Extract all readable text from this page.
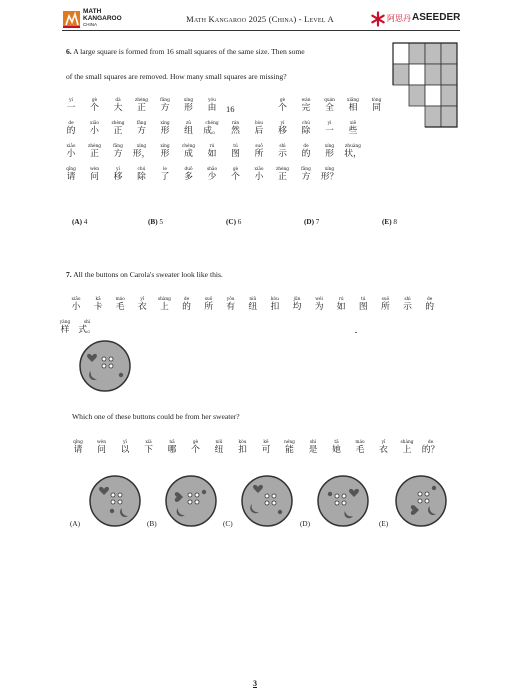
MATH
KANGAROO
CHINA
Math Kangaroo 2025 (China) - Level A	阿思丹 ASEEDER
6. A large square is formed from 16 small squares of the same size. Then some
of the small squares are removed. How many small squares are missing?
yí
一
gè
个
dà
大
zhèng
正
fāng
方
xíng
形
yóu
由
gè
个
wán
完
quán
全
xiāng
相
tóng
同
de
的
xiǎo
小
zhèng
正
fāng
方
xíng
形
zǔ
组
chéng
成。
rán
然
hòu
后
yí
移
chú
除
yì
一
xiē
些
xiǎo
小
zhèng
正
fāng
方
xíng
形，
xíng
形
chéng
成
rú
如
tú
图
suǒ
所
shì
示
de
的
xíng
形
zhuàng
状，
qǐng
请
wèn
问
yí
移
chú
除
le
了
duō
多
shǎo
少
gè
个
xiǎo
小
zhèng
正
fāng
方
xíng
形？
16
(A) 4	(B) 5	(C) 6	(D) 7	(E) 8
7. All the buttons on Carola's sweater look like this.
xiǎo
小
kǎ
卡
máo
毛
yī
衣
shàng
上
de
的
suǒ
所
yǒu
有
niǔ
纽
kòu
扣
jūn
均
wéi
为
rú
如
tú
图
suǒ
所
shì
示
de
的
yàng
样
shì
式。
qǐng
请
wèn
问
yǐ
以
xià
下
nǎ
哪
gè
个
niǔ
纽
kòu
扣
kě
可
néng
能
shì
是
tā
她
máo
毛
yī
衣
shàng
上
de
的？
Which one of these buttons could be from her sweater?
(A)	(B)	(C)	(D)	(E)
3
